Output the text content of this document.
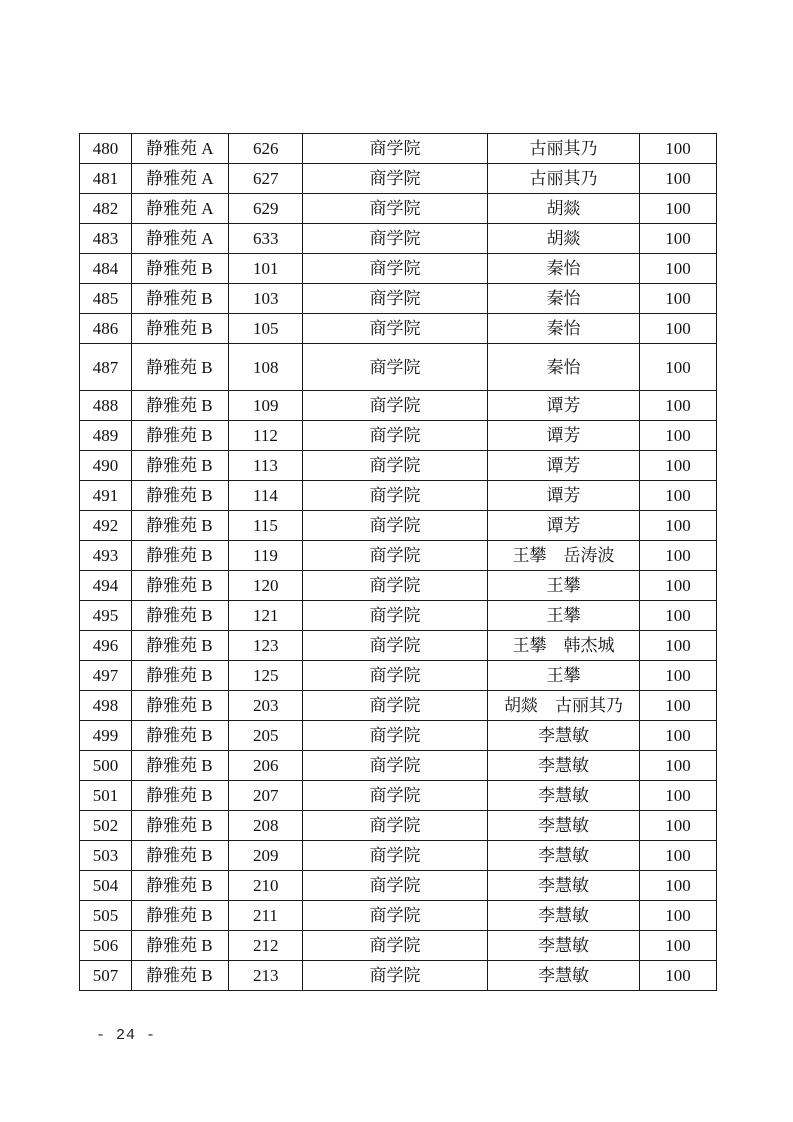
480	静雅苑 A	626	商学院	古丽其乃	100
481	静雅苑 A	627	商学院	古丽其乃	100
482	静雅苑 A	629	商学院	胡燚	100
483	静雅苑 A	633	商学院	胡燚	100
484	静雅苑 B	101	商学院	秦怡	100
485	静雅苑 B	103	商学院	秦怡	100
486	静雅苑 B	105	商学院	秦怡	100
487	静雅苑 B	108	商学院	秦怡	100
488	静雅苑 B	109	商学院	谭芳	100
489	静雅苑 B	112	商学院	谭芳	100
490	静雅苑 B	113	商学院	谭芳	100
491	静雅苑 B	114	商学院	谭芳	100
492	静雅苑 B	115	商学院	谭芳	100
493	静雅苑 B	119	商学院	王攀　岳涛波	100
494	静雅苑 B	120	商学院	王攀	100
495	静雅苑 B	121	商学院	王攀	100
496	静雅苑 B	123	商学院	王攀　韩杰城	100
497	静雅苑 B	125	商学院	王攀	100
498	静雅苑 B	203	商学院	胡燚　古丽其乃	100
499	静雅苑 B	205	商学院	李慧敏	100
500	静雅苑 B	206	商学院	李慧敏	100
501	静雅苑 B	207	商学院	李慧敏	100
502	静雅苑 B	208	商学院	李慧敏	100
503	静雅苑 B	209	商学院	李慧敏	100
504	静雅苑 B	210	商学院	李慧敏	100
505	静雅苑 B	211	商学院	李慧敏	100
506	静雅苑 B	212	商学院	李慧敏	100
507	静雅苑 B	213	商学院	李慧敏	100
- 24 -
